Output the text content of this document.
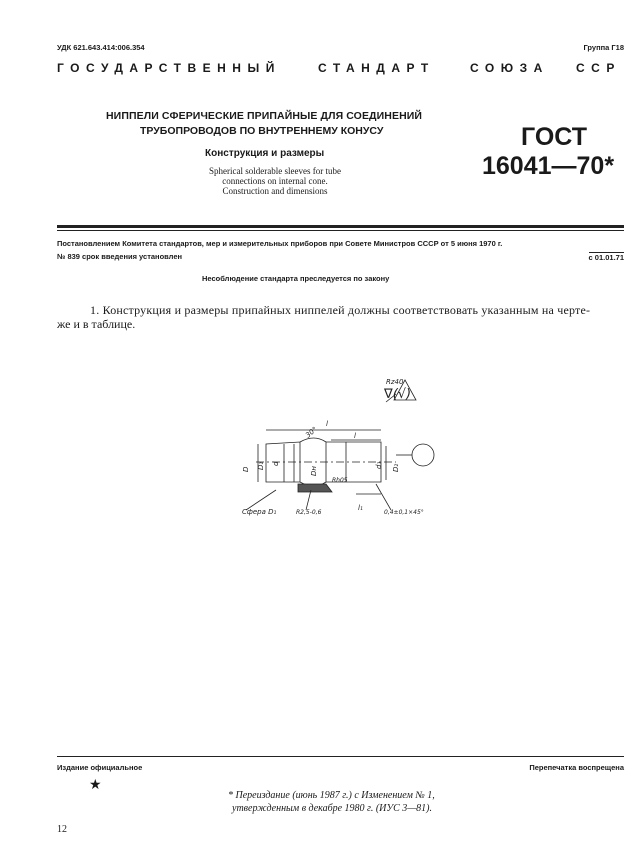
УДК 621.643.414:006.354	Группа Г18
ГОСУДАРСТВЕННЫЙ	СТАНДАРТ	СОЮЗА ССР
НИППЕЛИ СФЕРИЧЕСКИЕ ПРИПАЙНЫЕ ДЛЯ СОЕДИНЕНИЙ
ТРУБОПРОВОДОВ ПО ВНУТРЕННЕМУ КОНУСУ
Конструкция и размеры
Spherical solderable sleeves for tube
connections on internal cone.
Construction and dimensions
ГОСТ
16041—70*
Постановлением Комитета стандартов, мер и измерительных приборов при Совете Министров СССР от 5 июня 1970 г.
№ 839 срок введения установлен	с 01.01.71
Несоблюдение стандарта преследуется по закону
1. Конструкция и размеры припайных ниппелей должны соответствовать указанным на черте-
же и в таблице.
Rz40
∇(√)
l
l
30°
D D₁ d
Dн
d₁ D₂
Rh05
Сфера D₁	R2,5-0,6
l₁
0,4±0,1×45°
Издание официальное	Перепечатка воспрещена
★
* Переиздание (июнь 1987 г.) с Изменением № 1,
утвержденным в декабре 1980 г. (ИУС 3—81).
12
